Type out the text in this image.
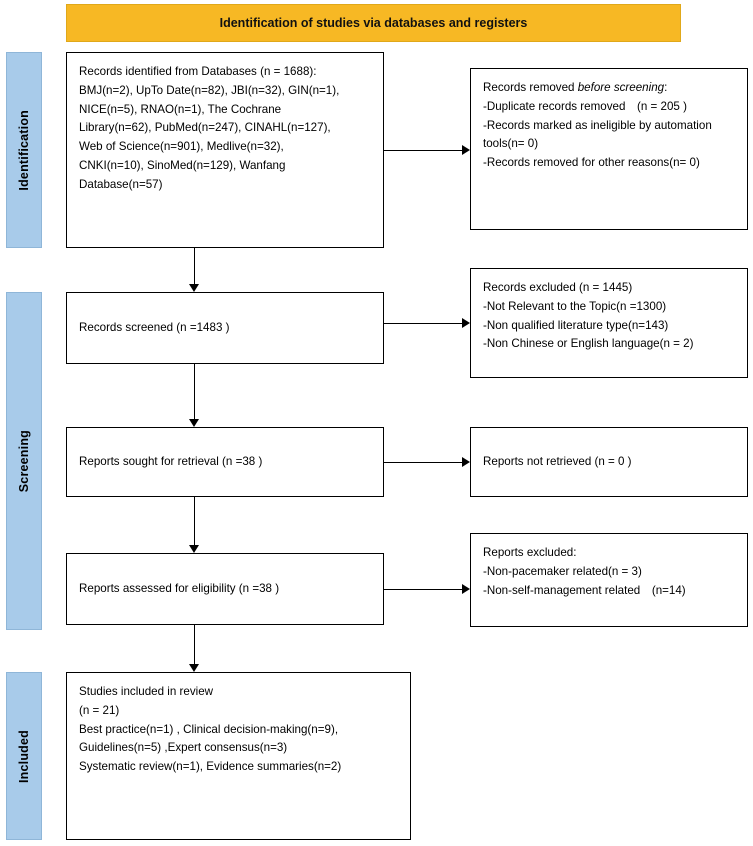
Identification of studies via databases and registers
Identification
Screening
Included
Records identified from Databases (n = 1688):
BMJ(n=2), UpTo Date(n=82), JBI(n=32), GIN(n=1),
NICE(n=5), RNAO(n=1), The Cochrane
Library(n=62), PubMed(n=247), CINAHL(n=127),
Web of Science(n=901), Medlive(n=32),
CNKI(n=10), SinoMed(n=129), Wanfang
Database(n=57)
Records removed before screening:
-Duplicate records removed (n = 205 )
-Records marked as ineligible by automation
tools(n= 0)
-Records removed for other reasons(n= 0)
Records screened (n =1483 )
Records excluded (n = 1445)
-Not Relevant to the Topic(n =1300)
-Non qualified literature type(n=143)
-Non Chinese or English language(n = 2)
Reports sought for retrieval (n =38 )	Reports not retrieved (n = 0 )
Reports assessed for eligibility (n =38 )
Reports excluded:
-Non-pacemaker related(n = 3)
-Non-self-management related (n=14)
Studies included in review
(n = 21)
Best practice(n=1) , Clinical decision-making(n=9),
Guidelines(n=5) ,Expert consensus(n=3)
Systematic review(n=1), Evidence summaries(n=2)
